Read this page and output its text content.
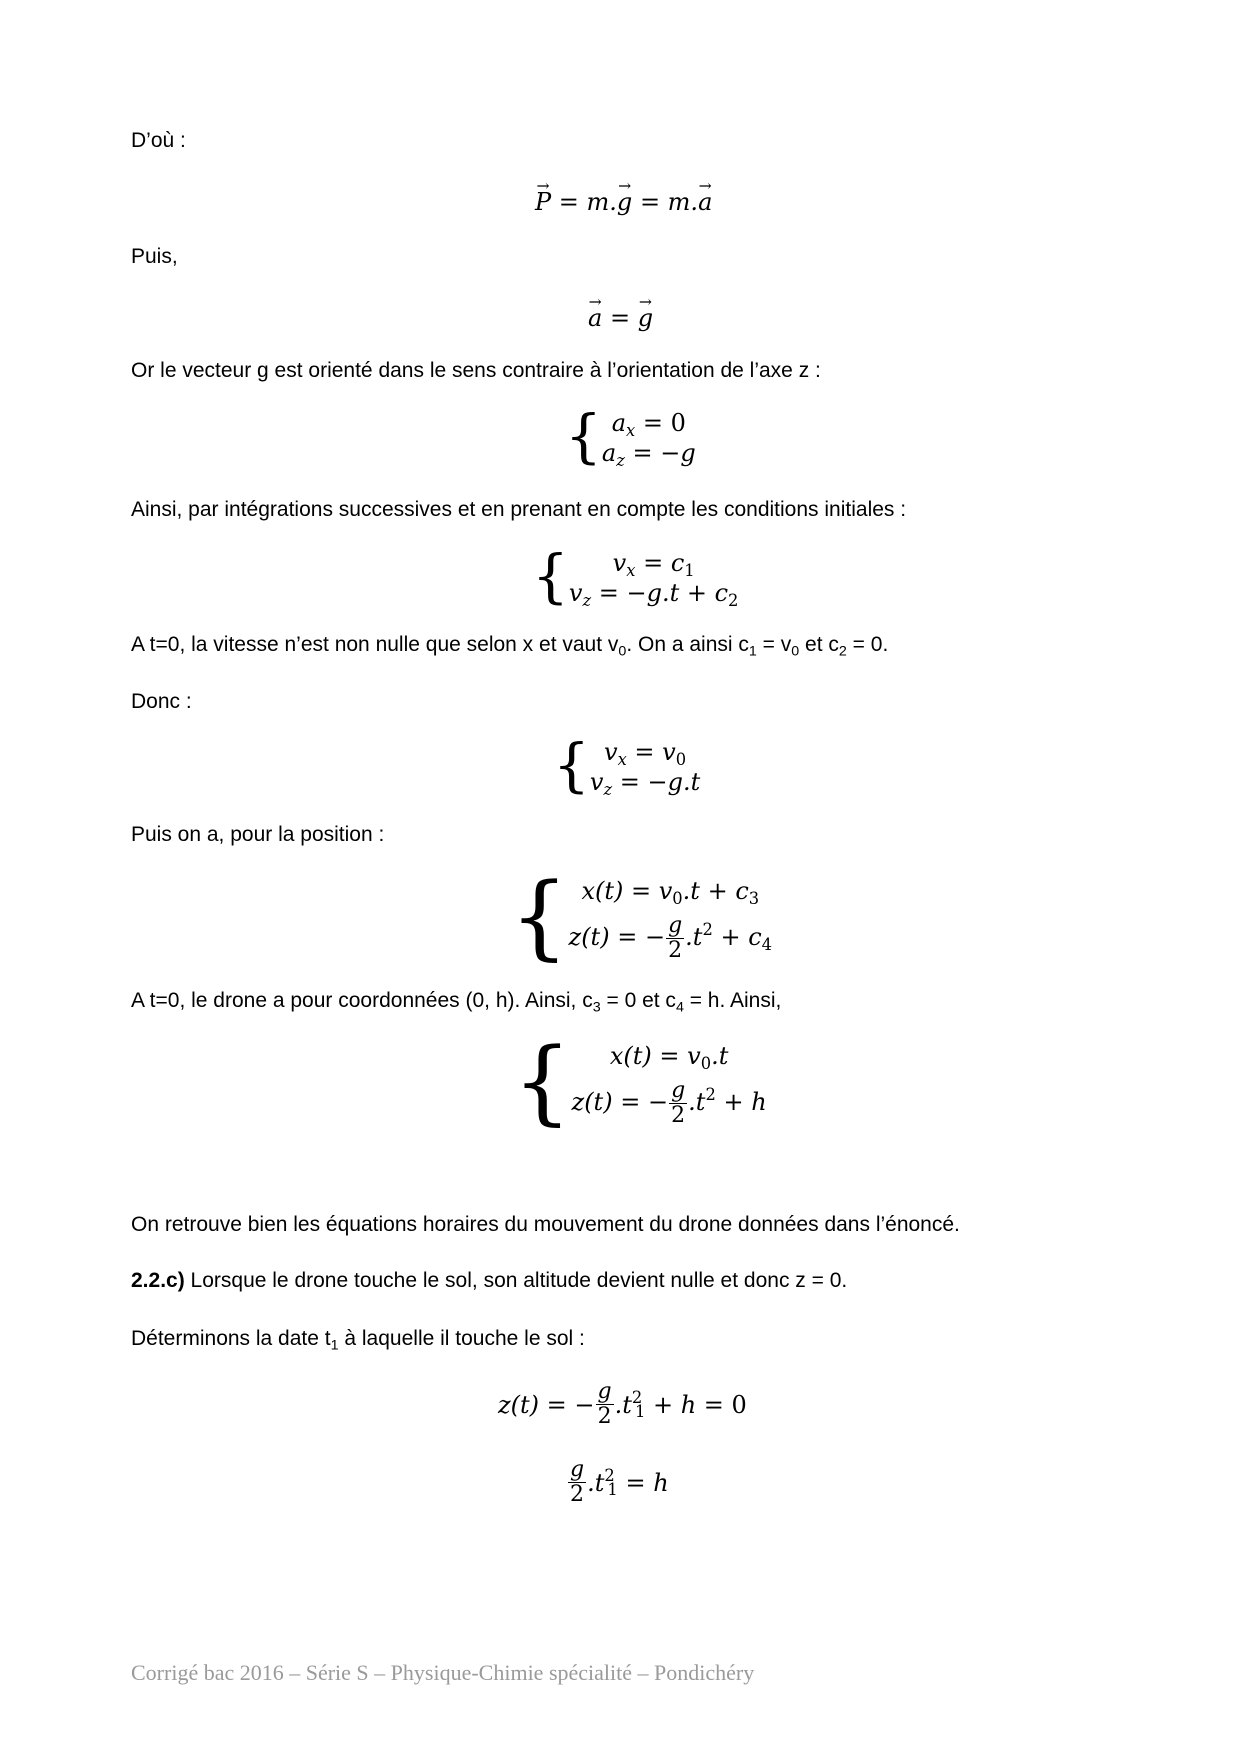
D’où :
→ P = m.→ g = m.→ a
Puis,
→ a = → g
Or le vecteur g est orienté dans le sens contraire à l’orientation de l’axe z :
{ $a_x = 0$
$a_z = -g$
Ainsi, par intégrations successives et en prenant en compte les conditions initiales :
{ $v_x = c_1$
$v_z = -g.t + c_2$
A t=0, la vitesse n’est non nulle que selon x et vaut $v_0$. On a ainsi $c_1 = v_0$ et $c_2 = 0$.
Donc :
{ $v_x = v_0$
$v_z = -g.t$
Puis on a, pour la position :
{ $x(t) = v_0.t + c_3$
z(t) = − $\frac{g}{2} .t^2 + c_4$
A t=0, le drone a pour coordonnées (0, h). Ainsi, $c_3 = 0$ et $c_4 = h$. Ainsi,
{ $x(t) = v_0.t$
z(t) = − $\frac{g}{2} .t^2 + h$
On retrouve bien les équations horaires du mouvement du drone données dans l’énoncé.
2.2.c) Lorsque le drone touche le sol, son altitude devient nulle et donc z = 0.
Déterminons la date $t_1$ à laquelle il touche le sol :
z(t) = − $\frac{g}{2} .t^2_1 + h = 0$
$\frac{g}{2} .t^2_1 = h$
Corrigé bac 2016 – Série S – Physique-Chimie spécialité – Pondichéry
